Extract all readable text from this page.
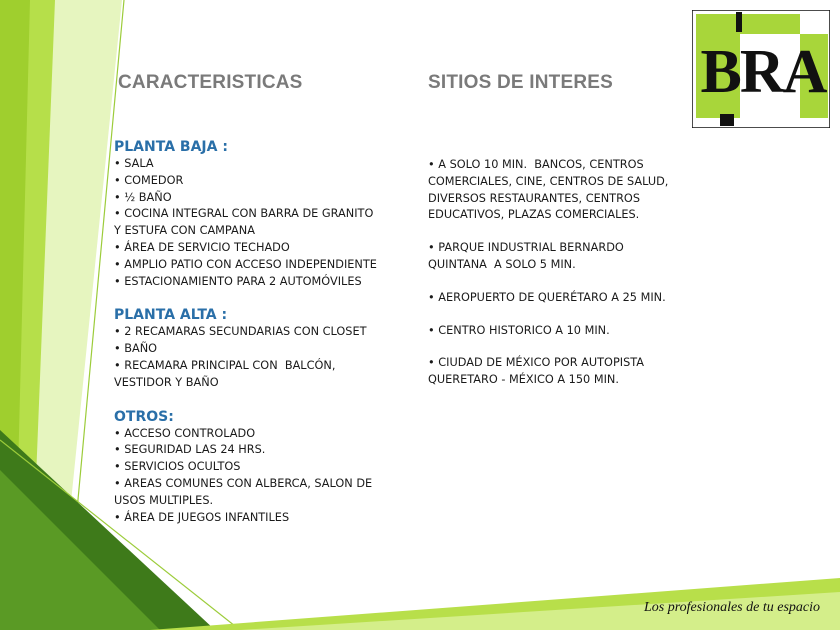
CARACTERISTICAS	SITIOS DE INTERES BRA
PLANTA BAJA :
• SALA
• COMEDOR
• ½ BAÑO
• COCINA INTEGRAL CON BARRA DE GRANITO
Y ESTUFA CON CAMPANA
• ÁREA DE SERVICIO TECHADO
• AMPLIO PATIO CON ACCESO INDEPENDIENTE
• ESTACIONAMIENTO PARA 2 AUTOMÓVILES
PLANTA ALTA :
• 2 RECAMARAS SECUNDARIAS CON CLOSET
• BAÑO
• RECAMARA PRINCIPAL CON  BALCÓN,
VESTIDOR Y BAÑO
OTROS:
• ACCESO CONTROLADO
• SEGURIDAD LAS 24 HRS.
• SERVICIOS OCULTOS
• AREAS COMUNES CON ALBERCA, SALON DE
USOS MULTIPLES.
• ÁREA DE JUEGOS INFANTILES
• A SOLO 10 MIN.  BANCOS, CENTROS
COMERCIALES, CINE, CENTROS DE SALUD,
DIVERSOS RESTAURANTES, CENTROS
EDUCATIVOS, PLAZAS COMERCIALES.
• PARQUE INDUSTRIAL BERNARDO
QUINTANA  A SOLO 5 MIN.
• AEROPUERTO DE QUERÉTARO A 25 MIN.
• CENTRO HISTORICO A 10 MIN.
• CIUDAD DE MÉXICO POR AUTOPISTA
QUERETARO - MÉXICO A 150 MIN.
Los profesionales de tu espacio
